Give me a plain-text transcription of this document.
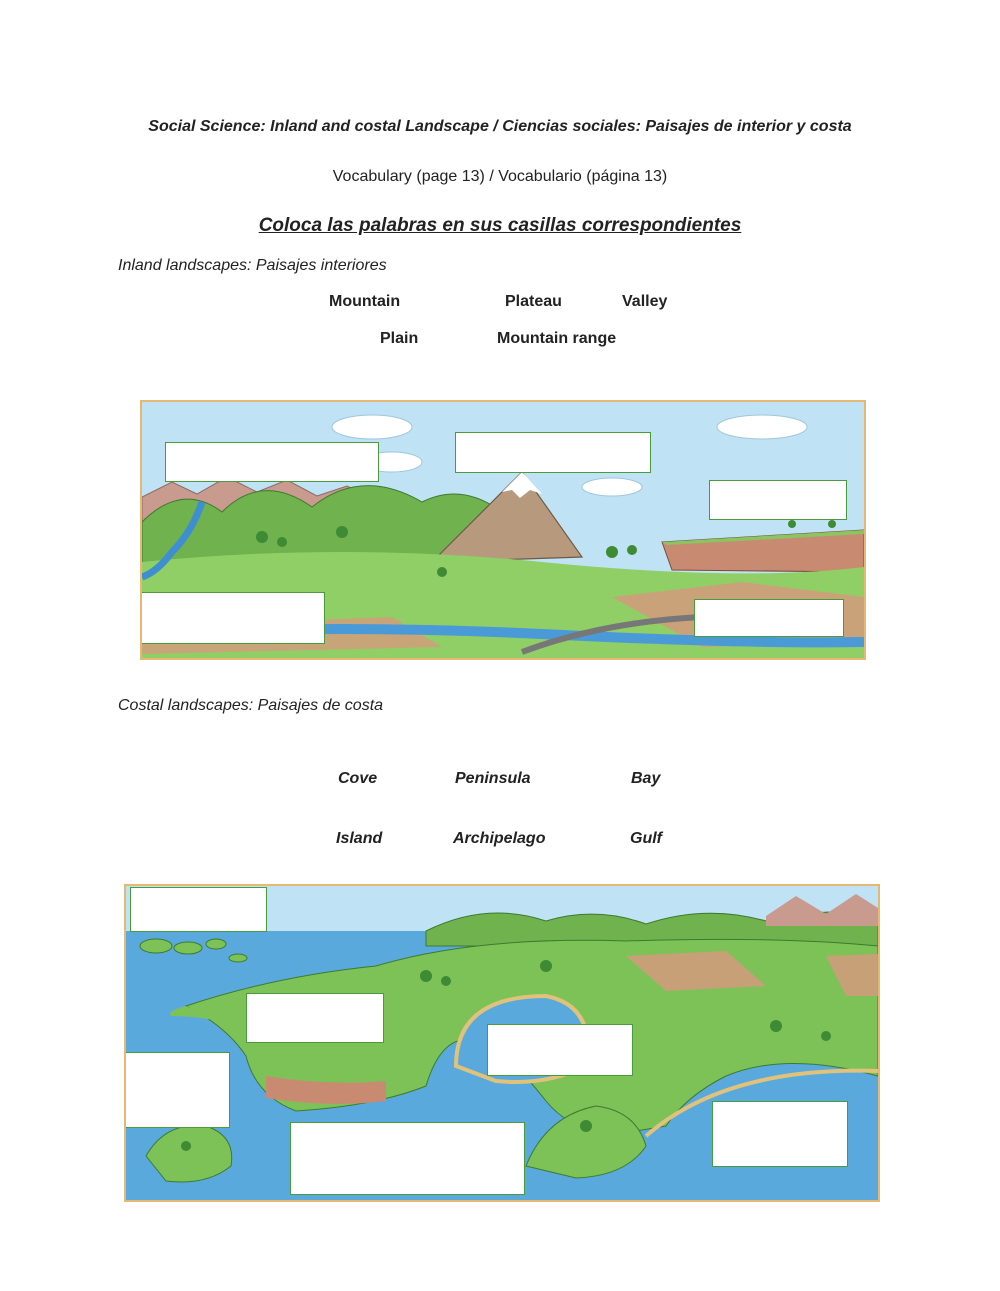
Social Science: Inland and costal Landscape / Ciencias sociales: Paisajes de interior y costa
Vocabulary (page 13) / Vocabulario (página 13)
Coloca las palabras en sus casillas correspondientes
Inland landscapes: Paisajes interiores
Mountain	Plateau	Valley
Plain	Mountain range
Costal landscapes: Paisajes de costa
Cove	Peninsula	Bay
Island	Archipelago	Gulf
